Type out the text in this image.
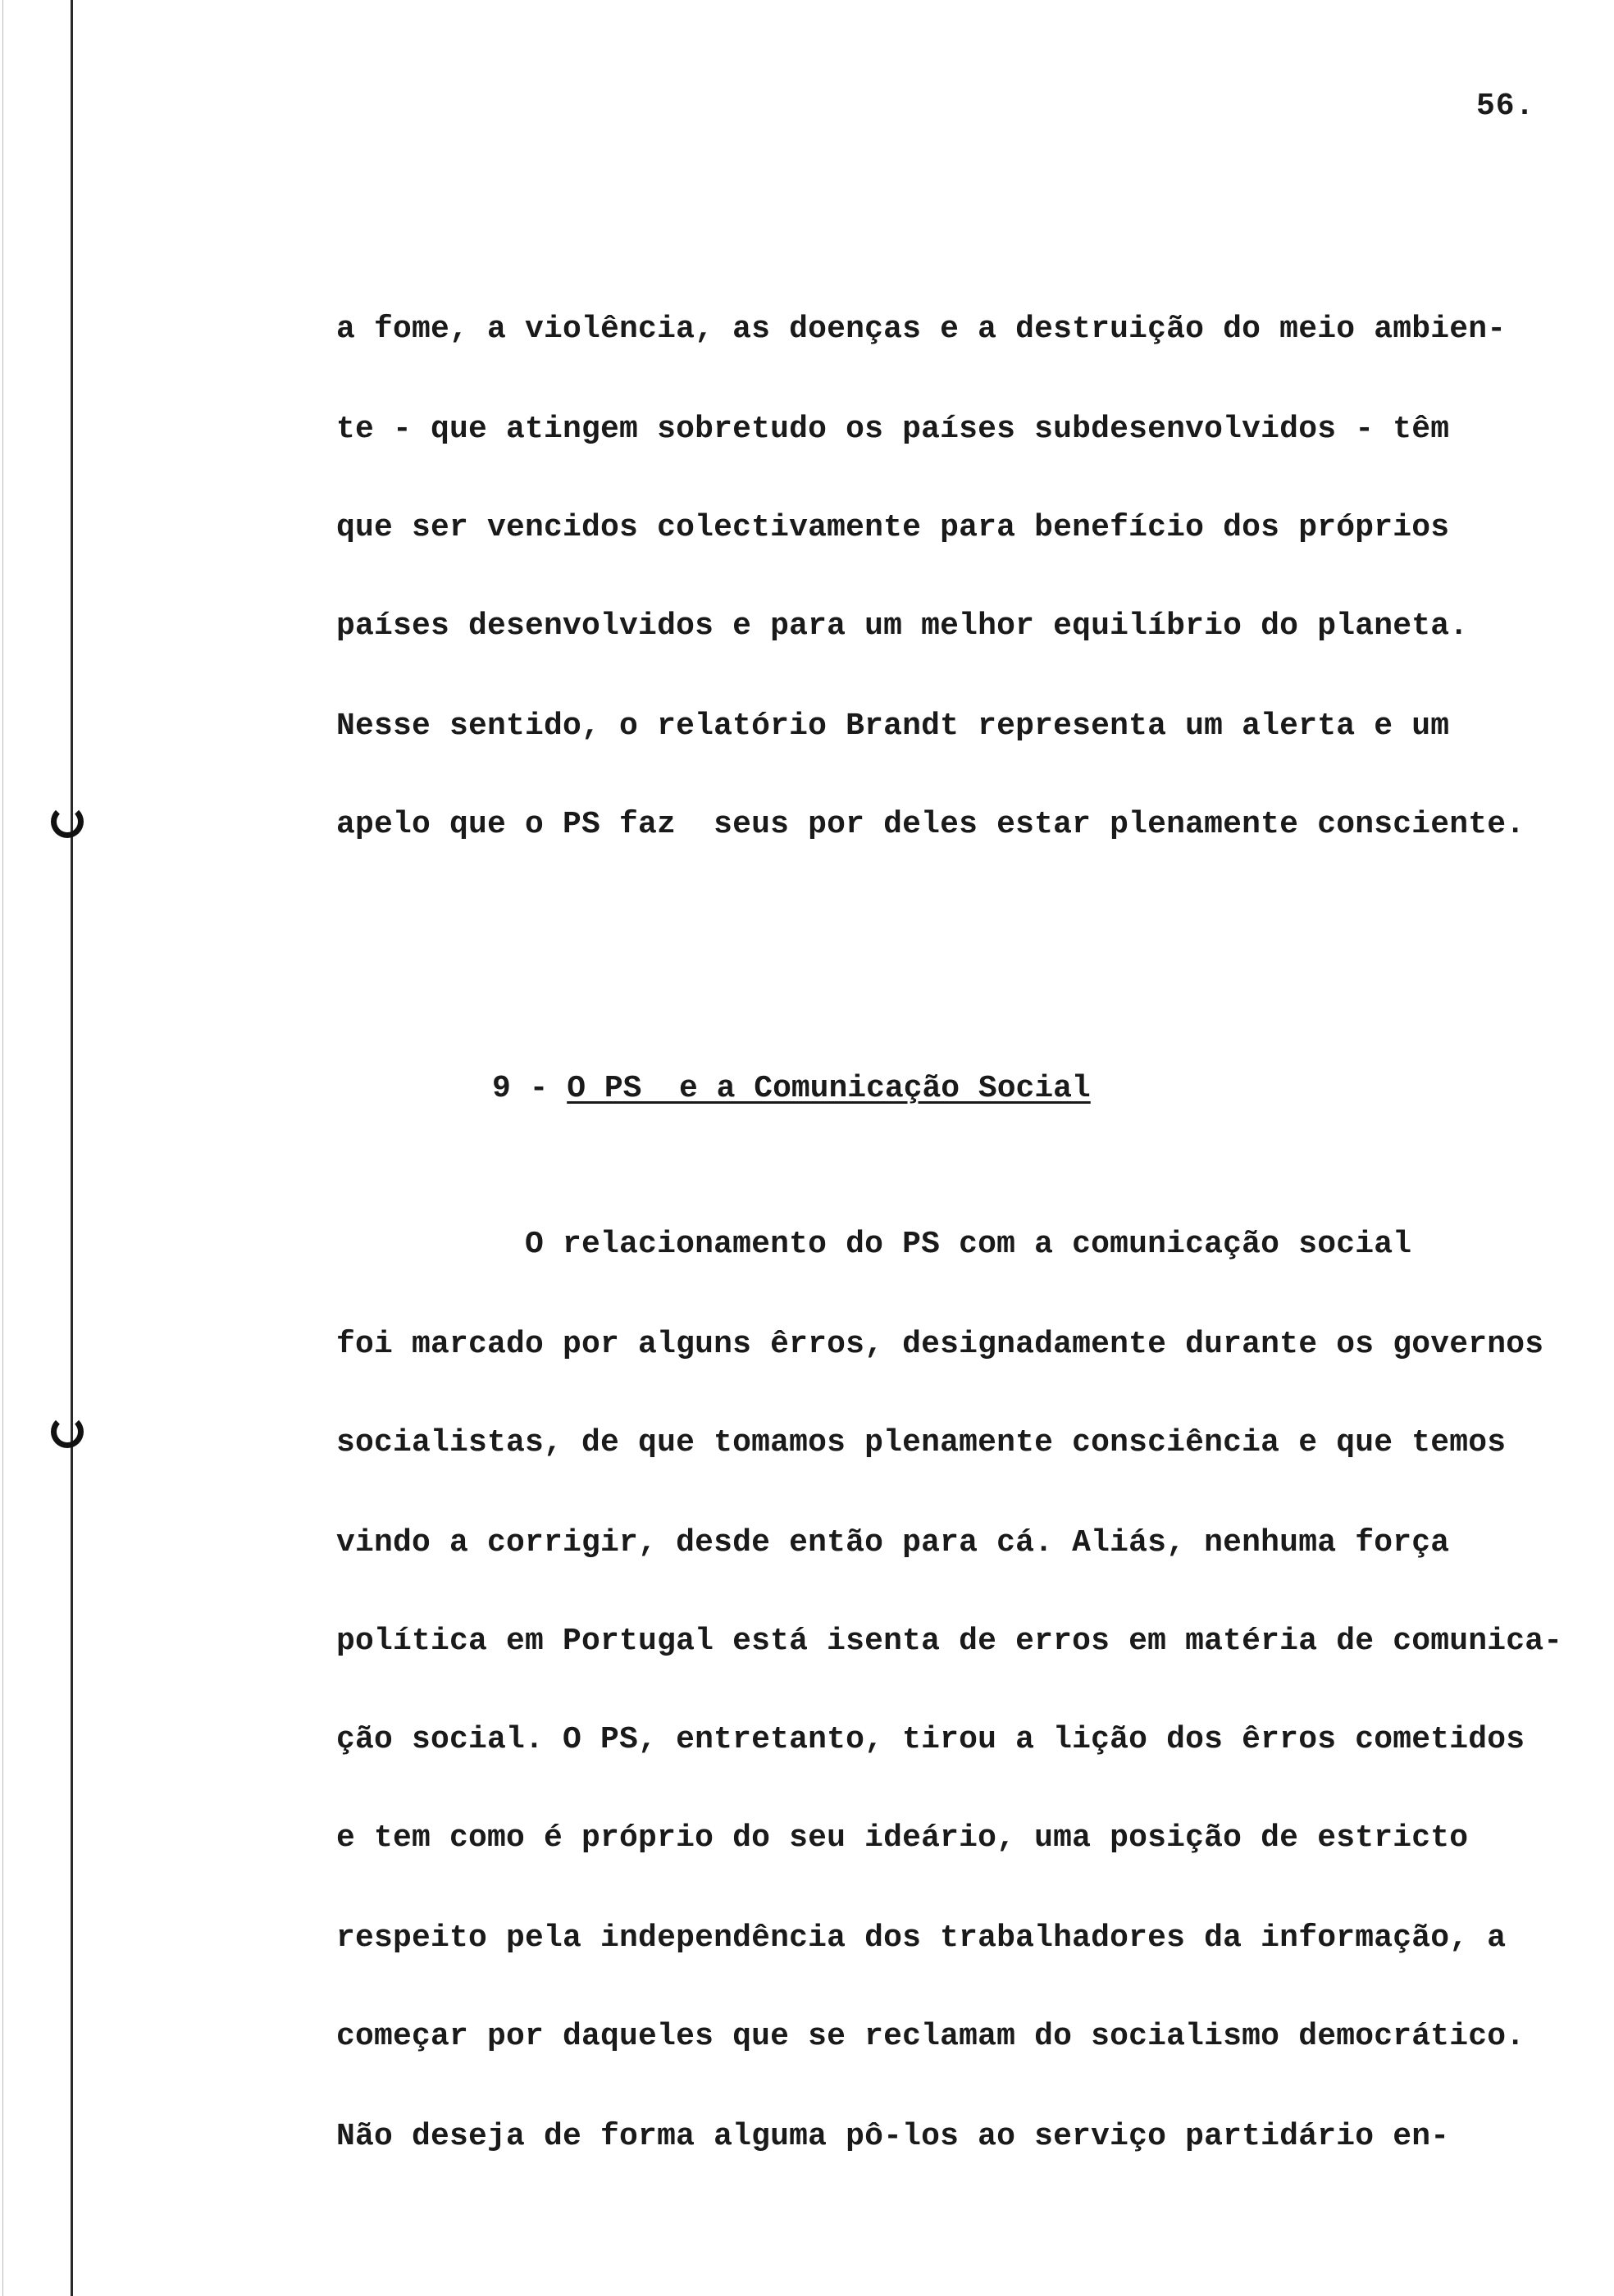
56.
a fome, a violência, as doenças e a destruição do meio ambien-
te - que atingem sobretudo os países subdesenvolvidos - têm
que ser vencidos colectivamente para benefício dos próprios
países desenvolvidos e para um melhor equilíbrio do planeta.
Nesse sentido, o relatório Brandt representa um alerta e um
apelo que o PS faz  seus por deles estar plenamente consciente.
9 - O PS  e a Comunicação Social
O relacionamento do PS com a comunicação social
foi marcado por alguns êrros, designadamente durante os governos
socialistas, de que tomamos plenamente consciência e que temos
vindo a corrigir, desde então para cá. Aliás, nenhuma força
política em Portugal está isenta de erros em matéria de comunica-
ção social. O PS, entretanto, tirou a lição dos êrros cometidos
e tem como é próprio do seu ideário, uma posição de estricto
respeito pela independência dos trabalhadores da informação, a
começar por daqueles que se reclamam do socialismo democrático.
Não deseja de forma alguma pô-los ao serviço partidário en-
